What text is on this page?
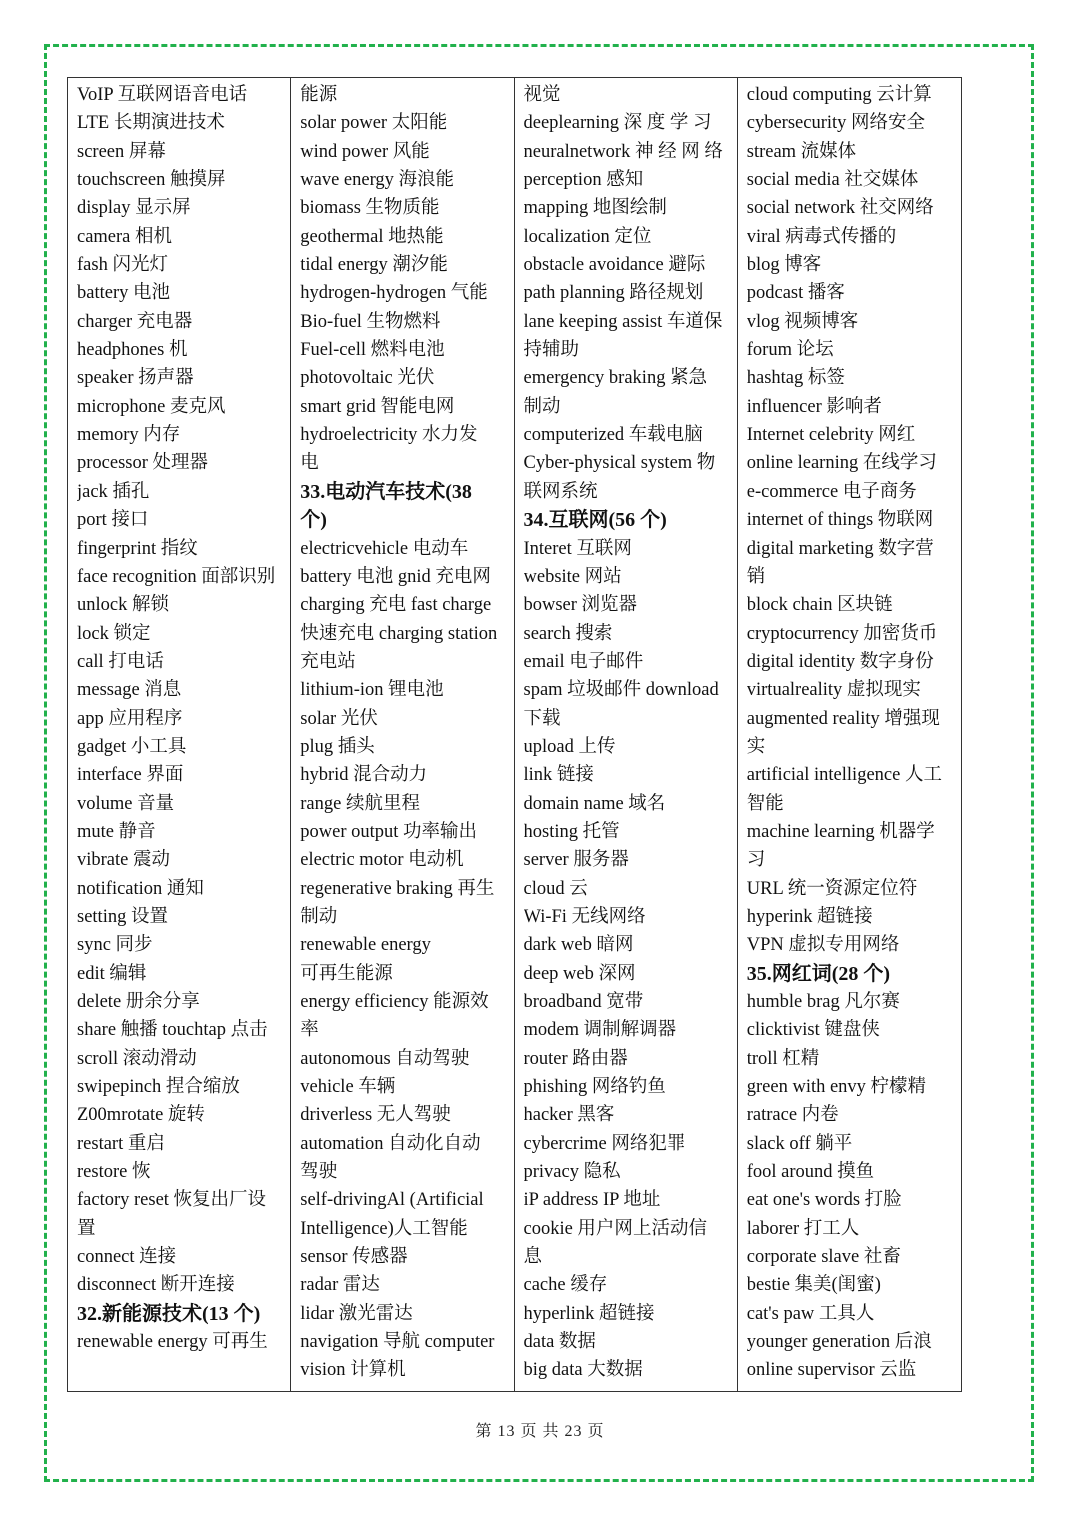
VoIP 互联网语音电话
LTE 长期演进技术
screen 屏幕
touchscreen 触摸屏
display 显示屏
camera 相机
fash 闪光灯
battery 电池
charger 充电器
headphones 机
speaker 扬声器
microphone 麦克风
memory 内存
processor 处理器
jack 插孔
port 接口
fingerprint 指纹
face recognition 面部识别
unlock 解锁
lock 锁定
call 打电话
message 消息
app 应用程序
gadget 小工具
interface 界面
volume 音量
mute 静音
vibrate 震动
notification 通知
setting 设置
sync 同步
edit 编辑
delete 册余分享
share 触播 touchtap 点击
scroll 滚动滑动
swipepinch 捏合缩放
Z00mrotate 旋转
restart 重启
restore 恢
factory reset 恢复出厂设
置
connect 连接
disconnect 断开连接
32.新能源技术(13 个)
renewable energy 可再生
能源
solar power 太阳能
wind power 风能
wave energy 海浪能
biomass 生物质能
geothermal 地热能
tidal energy 潮汐能
hydrogen-hydrogen 气能
Bio-fuel 生物燃料
Fuel-cell 燃料电池
photovoltaic 光伏
smart grid 智能电网
hydroelectricity 水力发
电
33.电动汽车技术(38
个)
electricvehicle 电动车
battery 电池 gnid 充电网
charging 充电 fast charge
快速充电 charging station
充电站
lithium-ion 锂电池
solar 光伏
plug 插头
hybrid 混合动力
range 续航里程
power output 功率输出
electric motor 电动机
regenerative braking 再生
制动
renewable energy
可再生能源
energy efficiency 能源效
率
autonomous 自动驾驶
vehicle 车辆
driverless 无人驾驶
automation 自动化自动
驾驶
self-drivingAl (Artificial
Intelligence)人工智能
sensor 传感器
radar 雷达
lidar 激光雷达
navigation 导航 computer
vision 计算机
视觉
deeplearning 深 度 学 习
neuralnetwork 神 经 网 络
perception 感知
mapping 地图绘制
localization 定位
obstacle avoidance 避际
path planning 路径规划
lane keeping assist 车道保
持辅助
emergency braking 紧急
制动
computerized 车载电脑
Cyber-physical system 物
联网系统
34.互联网(56 个)
Interet 互联网
website 网站
bowser 浏览器
search 搜索
email 电子邮件
spam 垃圾邮件 download
下载
upload 上传
link 链接
domain name 域名
hosting 托管
server 服务器
cloud 云
Wi-Fi 无线网络
dark web 暗网
deep web 深网
broadband 宽带
modem 调制解调器
router 路由器
phishing 网络钓鱼
hacker 黑客
cybercrime 网络犯罪
privacy 隐私
iP address IP 地址
cookie 用户网上活动信
息
cache 缓存
hyperlink 超链接
data 数据
big data 大数据
cloud computing 云计算
cybersecurity 网络安全
stream 流媒体
social media 社交媒体
social network 社交网络
viral 病毒式传播的
blog 博客
podcast 播客
vlog 视频博客
forum 论坛
hashtag 标签
influencer 影响者
Internet celebrity 网红
online learning 在线学习
e-commerce 电子商务
internet of things 物联网
digital marketing 数字营
销
block chain 区块链
cryptocurrency 加密货币
digital identity 数字身份
virtualreality 虚拟现实
augmented reality 增强现
实
artificial intelligence 人工
智能
machine learning 机器学
习
URL 统一资源定位符
hyperink 超链接
VPN 虚拟专用网络
35.网红词(28 个)
humble brag 凡尔赛
clicktivist 键盘侠
troll 杠精
green with envy 柠檬精
ratrace 内卷
slack off 躺平
fool around 摸鱼
eat one's words 打脸
laborer 打工人
corporate slave 社畜
bestie 集美(闺蜜)
cat's paw 工具人
younger generation 后浪
online supervisor 云监
第 13 页 共 23 页
